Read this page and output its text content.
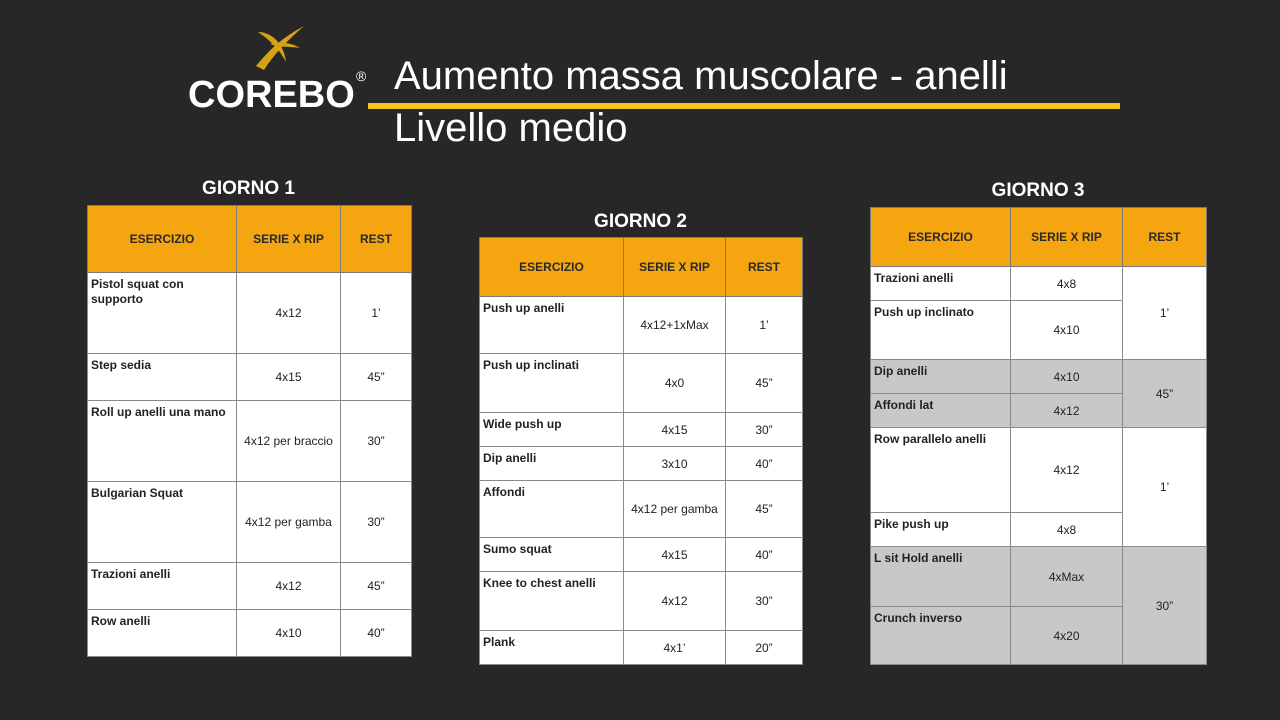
COREBO ® Aumento massa muscolare - anelli
Livello medio
GIORNO 1
ESERCIZIO	SERIE X RIP	REST
Pistol squat con supporto	4x12	1’
Step sedia	4x15	45”
Roll up anelli una mano	4x12 per braccio	30”
Bulgarian Squat	4x12 per gamba	30”
Trazioni anelli	4x12	45”
Row anelli	4x10	40”
GIORNO 2
ESERCIZIO	SERIE X RIP	REST
Push up anelli	4x12+1xMax	1’
Push up inclinati	4x0	45”
Wide push up	4x15	30”
Dip anelli	3x10	40”
Affondi	4x12 per gamba	45”
Sumo squat	4x15	40”
Knee to chest anelli	4x12	30”
Plank	4x1’	20”
GIORNO 3
ESERCIZIO	SERIE X RIP	REST
Trazioni anelli	4x8	1’
Push up inclinato	4x10	
Dip anelli	4x10	45”
Affondi lat	4x12	
Row parallelo anelli	4x12	1’
Pike push up	4x8	
L sit Hold anelli	4xMax	30”
Crunch inverso	4x20	
